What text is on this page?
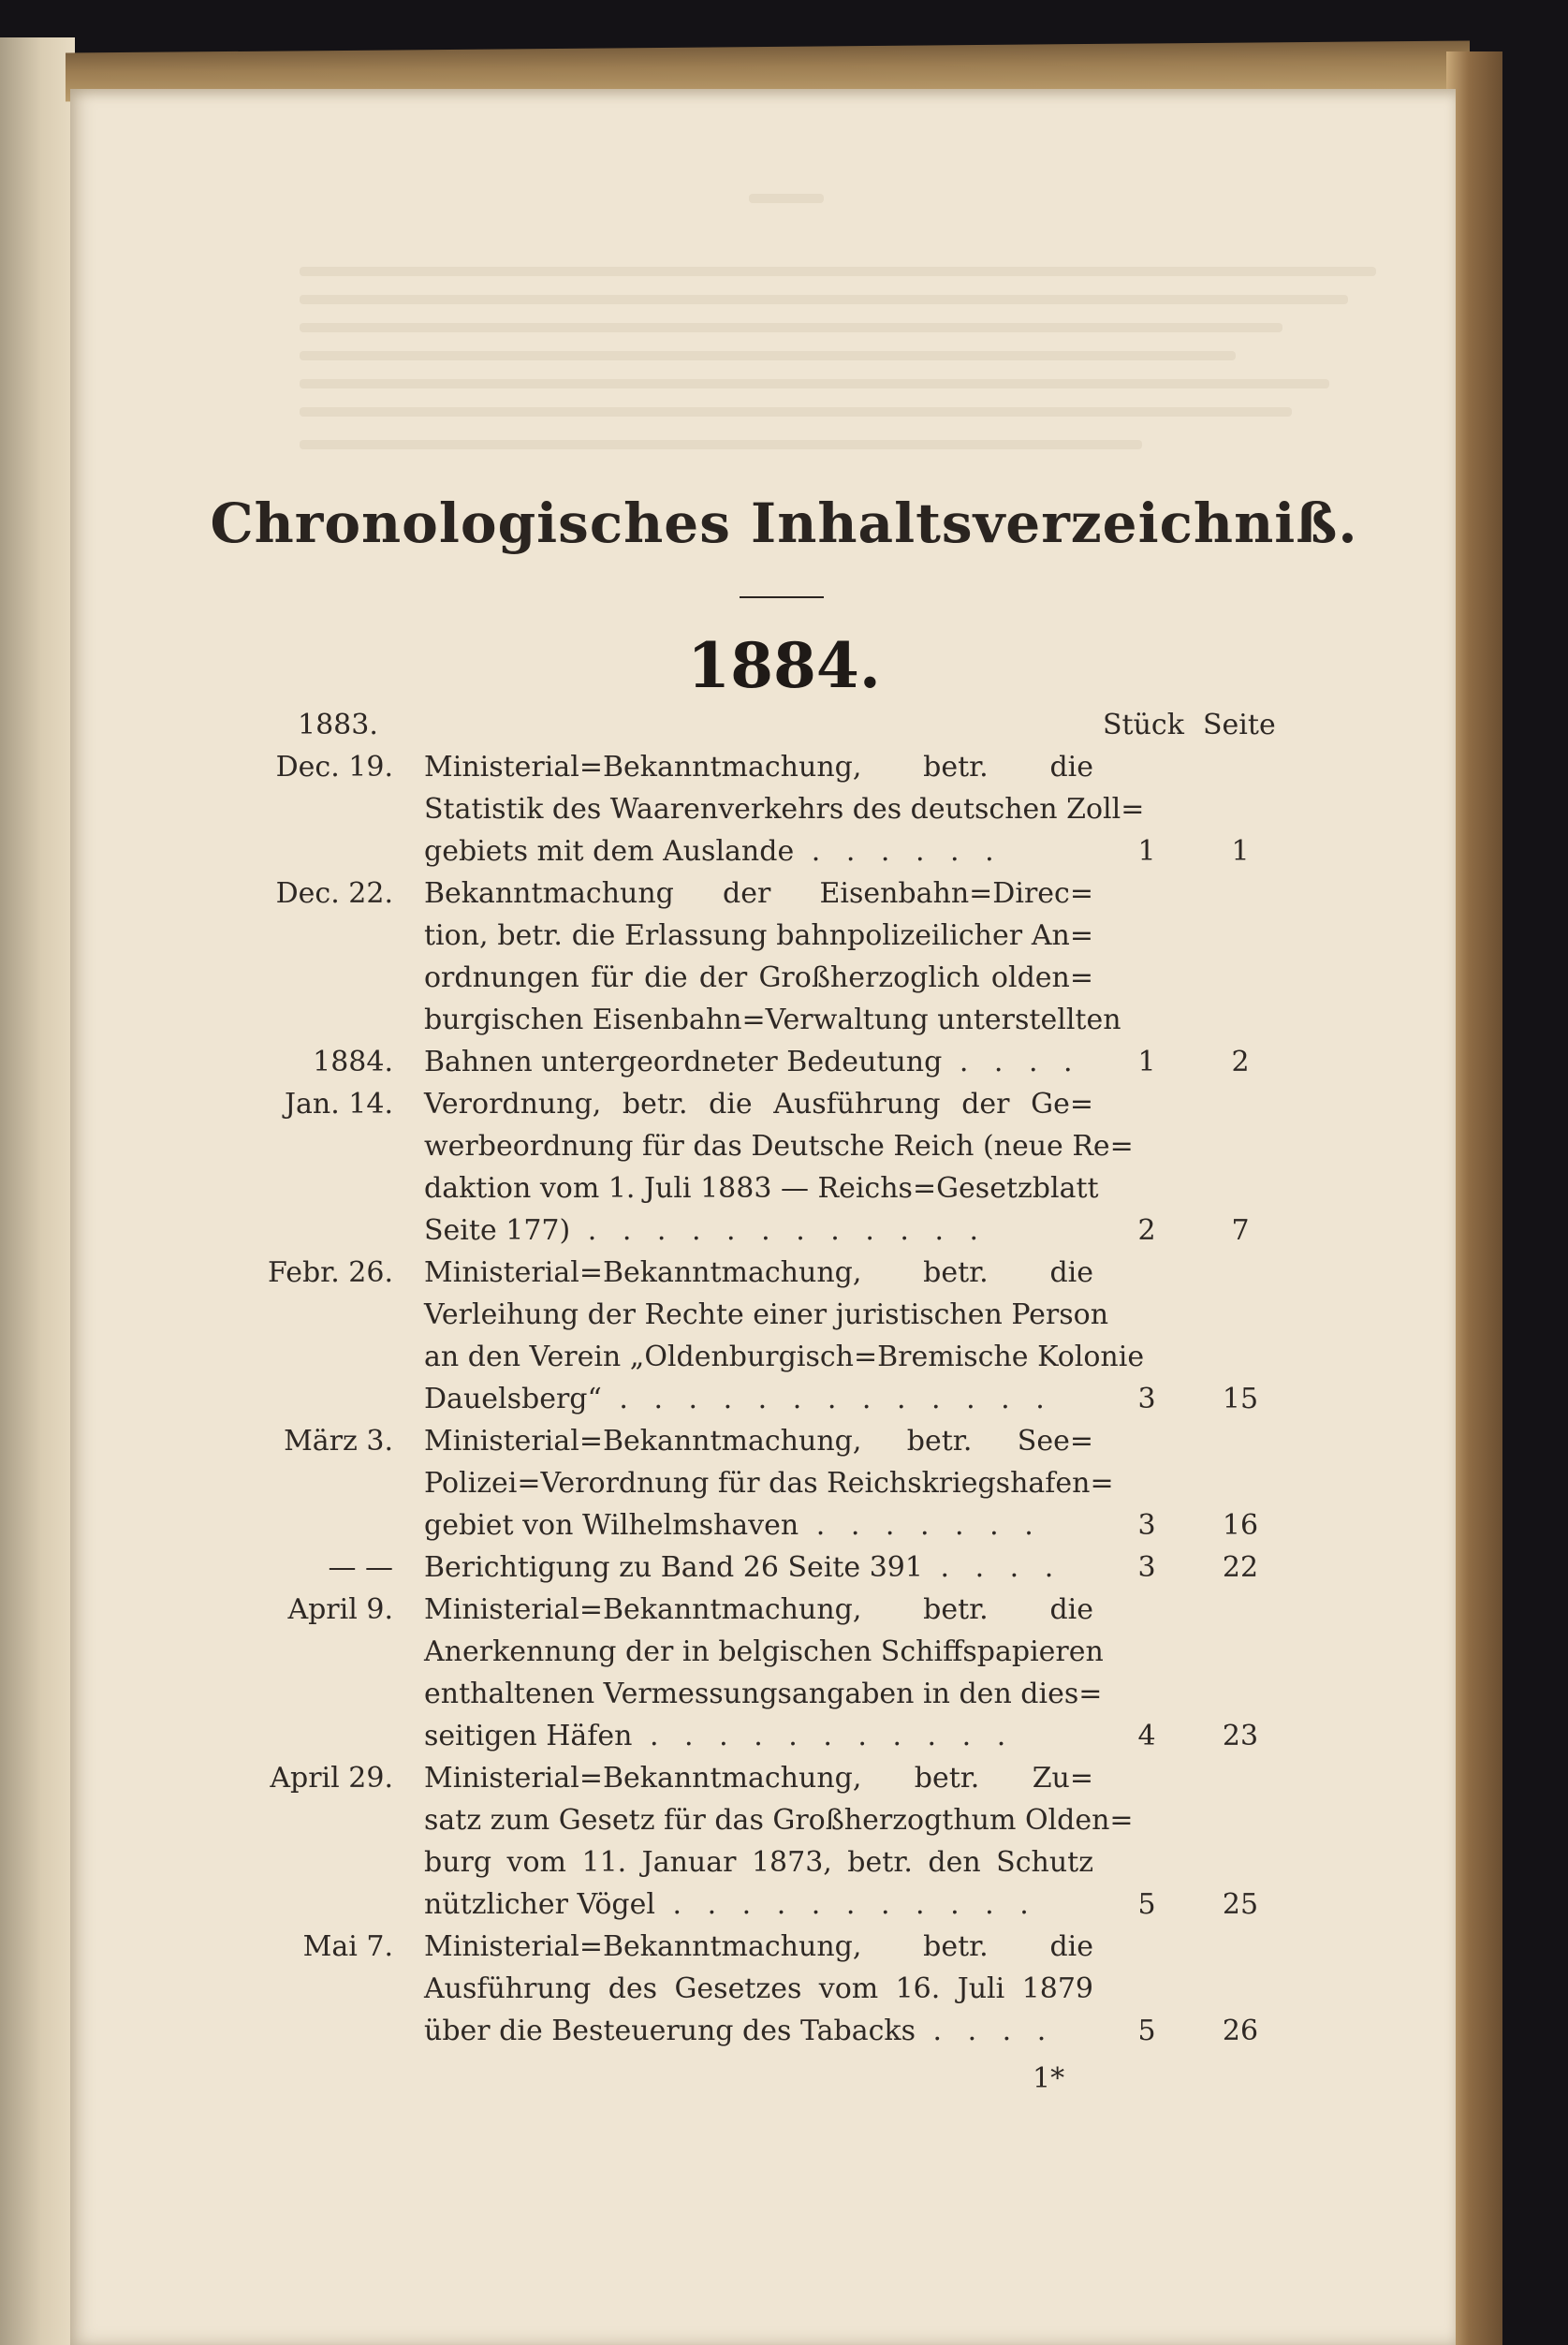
Chronologisches Inhaltsverzeichniß.
1884.
1883.	Stück Seite
Dec. 19. Ministerial=Bekanntmachung, betr. die
Statistik des Waarenverkehrs des deutschen Zoll=
gebiets mit dem Auslande . . . . . .	1	1
Dec. 22. Bekanntmachung der Eisenbahn=Direc=
tion, betr. die Erlassung bahnpolizeilicher An=
ordnungen für die der Großherzoglich olden=
burgischen Eisenbahn=Verwaltung unterstellten
1884. Bahnen untergeordneter Bedeutung . . . .	1	2
Jan. 14. Verordnung, betr. die Ausführung der Ge=
werbeordnung für das Deutsche Reich (neue Re=
daktion vom 1. Juli 1883 — Reichs=Gesetzblatt
Seite 177) . . . . . . . . . . . .	2	7
Febr. 26. Ministerial=Bekanntmachung, betr. die
Verleihung der Rechte einer juristischen Person
an den Verein „Oldenburgisch=Bremische Kolonie
Dauelsberg“ . . . . . . . . . . . . .	3	15
März 3. Ministerial=Bekanntmachung, betr. See=
Polizei=Verordnung für das Reichskriegshafen=
gebiet von Wilhelmshaven . . . . . . .	3	16
— — Berichtigung zu Band 26 Seite 391 . . . .	3	22
April 9. Ministerial=Bekanntmachung, betr. die
Anerkennung der in belgischen Schiffspapieren
enthaltenen Vermessungsangaben in den dies=
seitigen Häfen . . . . . . . . . . .	4	23
April 29. Ministerial=Bekanntmachung, betr. Zu=
satz zum Gesetz für das Großherzogthum Olden=
burg vom 11. Januar 1873, betr. den Schutz
nützlicher Vögel . . . . . . . . . . .	5	25
Mai 7. Ministerial=Bekanntmachung, betr. die
Ausführung des Gesetzes vom 16. Juli 1879
über die Besteuerung des Tabacks . . . .	5	26
1*
